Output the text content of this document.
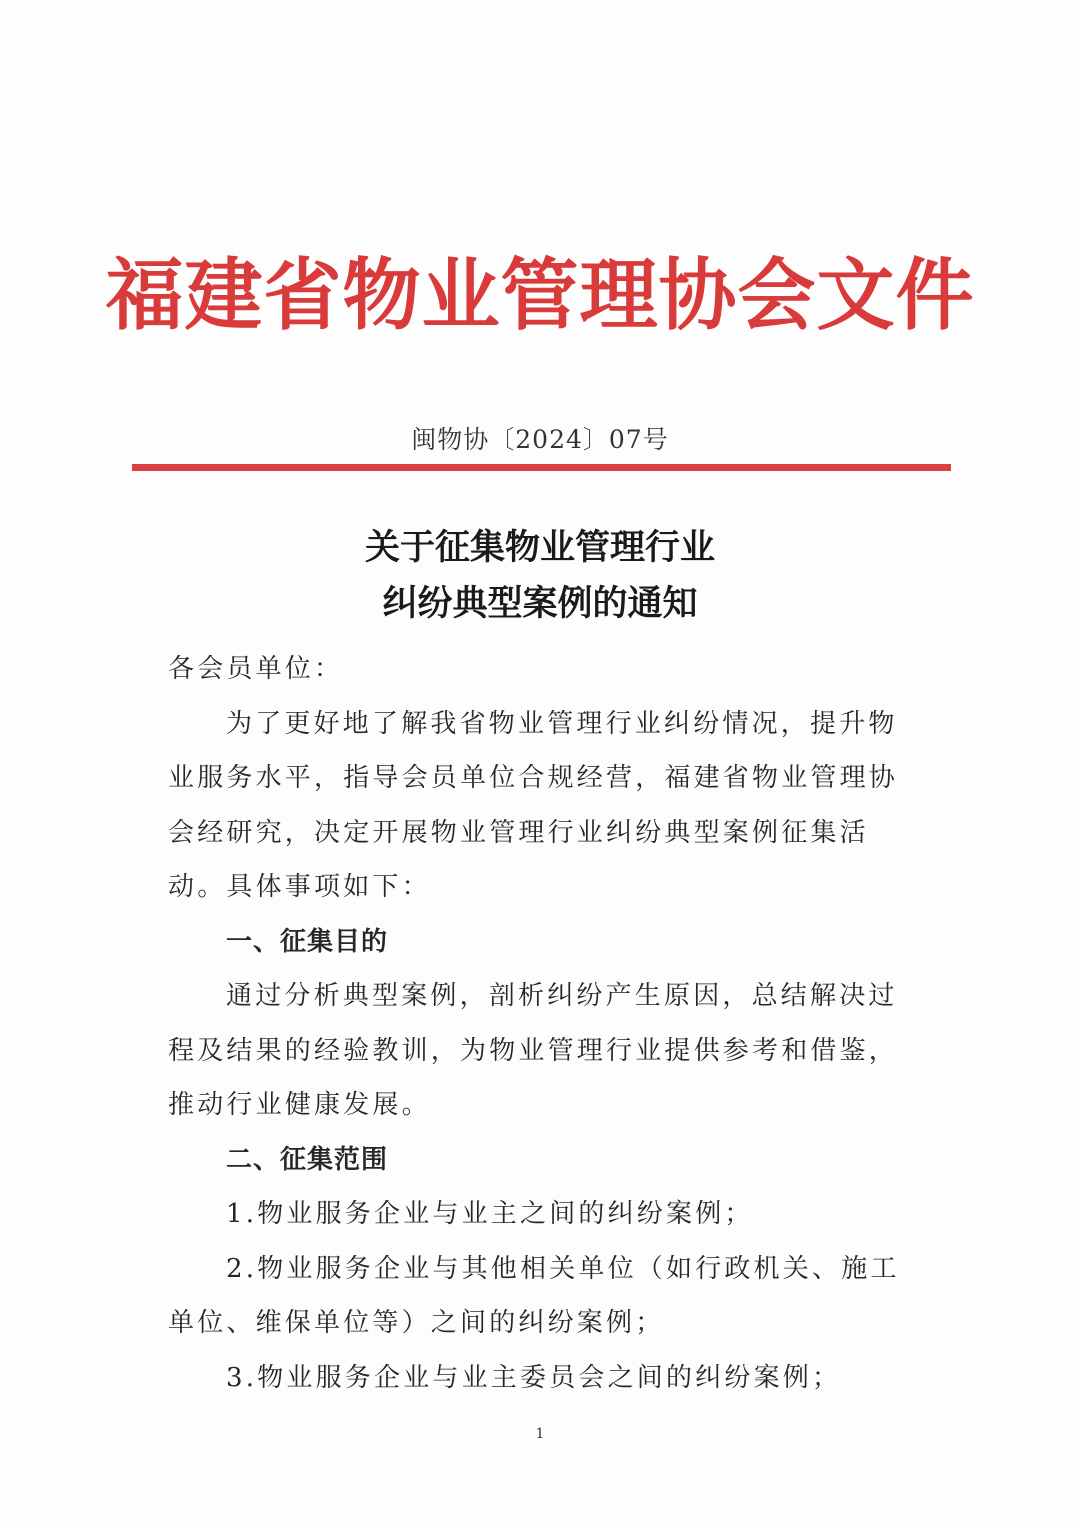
福建省物业管理协会文件
闽物协〔2024〕07号
关于征集物业管理行业
纠纷典型案例的通知

各会员单位：

为了更好地了解我省物业管理行业纠纷情况，提升物业服务水平，指导会员单位合规经营，福建省物业管理协会经研究，决定开展物业管理行业纠纷典型案例征集活动。具体事项如下：

一、征集目的

通过分析典型案例，剖析纠纷产生原因，总结解决过程及结果的经验教训，为物业管理行业提供参考和借鉴，推动行业健康发展。

二、征集范围

1.物业服务企业与业主之间的纠纷案例；

2.物业服务企业与其他相关单位（如行政机关、施工单位、维保单位等）之间的纠纷案例；

3.物业服务企业与业主委员会之间的纠纷案例；

1
